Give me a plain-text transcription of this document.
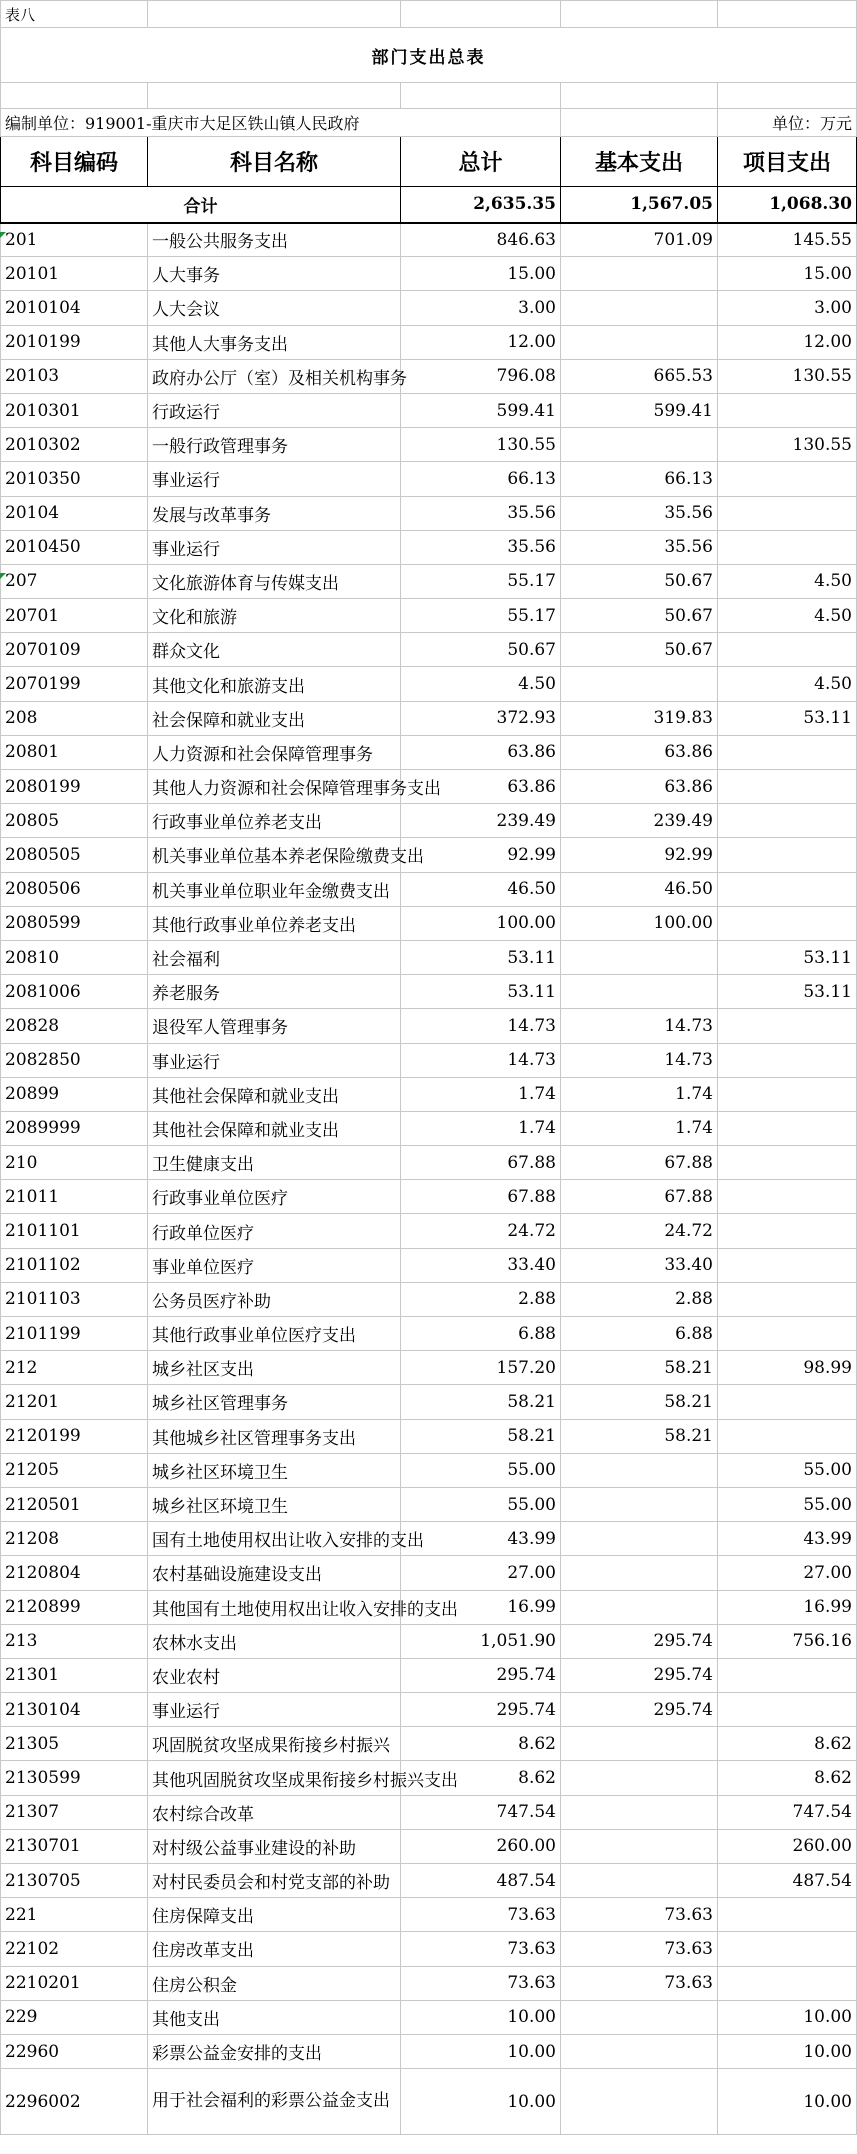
表八				
部门支出总表				

编制单位：919001-重庆市大足区铁山镇人民政府				单位：万元
科目编码	科目名称	总计	基本支出	项目支出
合计		2,635.35	1,567.05	1,068.30
201	一般公共服务支出	846.63	701.09	145.55
20101	人大事务	15.00		15.00
2010104	人大会议	3.00		3.00
2010199	其他人大事务支出	12.00		12.00
20103	政府办公厅（室）及相关机构事务	796.08	665.53	130.55
2010301	行政运行	599.41	599.41	
2010302	一般行政管理事务	130.55		130.55
2010350	事业运行	66.13	66.13	
20104	发展与改革事务	35.56	35.56	
2010450	事业运行	35.56	35.56	
207	文化旅游体育与传媒支出	55.17	50.67	4.50
20701	文化和旅游	55.17	50.67	4.50
2070109	群众文化	50.67	50.67	
2070199	其他文化和旅游支出	4.50		4.50
208	社会保障和就业支出	372.93	319.83	53.11
20801	人力资源和社会保障管理事务	63.86	63.86	
2080199	其他人力资源和社会保障管理事务支出	63.86	63.86	
20805	行政事业单位养老支出	239.49	239.49	
2080505	机关事业单位基本养老保险缴费支出	92.99	92.99	
2080506	机关事业单位职业年金缴费支出	46.50	46.50	
2080599	其他行政事业单位养老支出	100.00	100.00	
20810	社会福利	53.11		53.11
2081006	养老服务	53.11		53.11
20828	退役军人管理事务	14.73	14.73	
2082850	事业运行	14.73	14.73	
20899	其他社会保障和就业支出	1.74	1.74	
2089999	其他社会保障和就业支出	1.74	1.74	
210	卫生健康支出	67.88	67.88	
21011	行政事业单位医疗	67.88	67.88	
2101101	行政单位医疗	24.72	24.72	
2101102	事业单位医疗	33.40	33.40	
2101103	公务员医疗补助	2.88	2.88	
2101199	其他行政事业单位医疗支出	6.88	6.88	
212	城乡社区支出	157.20	58.21	98.99
21201	城乡社区管理事务	58.21	58.21	
2120199	其他城乡社区管理事务支出	58.21	58.21	
21205	城乡社区环境卫生	55.00		55.00
2120501	城乡社区环境卫生	55.00		55.00
21208	国有土地使用权出让收入安排的支出	43.99		43.99
2120804	农村基础设施建设支出	27.00		27.00
2120899	其他国有土地使用权出让收入安排的支出	16.99		16.99
213	农林水支出	1,051.90	295.74	756.16
21301	农业农村	295.74	295.74	
2130104	事业运行	295.74	295.74	
21305	巩固脱贫攻坚成果衔接乡村振兴	8.62		8.62
2130599	其他巩固脱贫攻坚成果衔接乡村振兴支出	8.62		8.62
21307	农村综合改革	747.54		747.54
2130701	对村级公益事业建设的补助	260.00		260.00
2130705	对村民委员会和村党支部的补助	487.54		487.54
221	住房保障支出	73.63	73.63	
22102	住房改革支出	73.63	73.63	
2210201	住房公积金	73.63	73.63	
229	其他支出	10.00		10.00
22960	彩票公益金安排的支出	10.00		10.00
2296002	用于社会福利的彩票公益金支出	10.00		10.00
